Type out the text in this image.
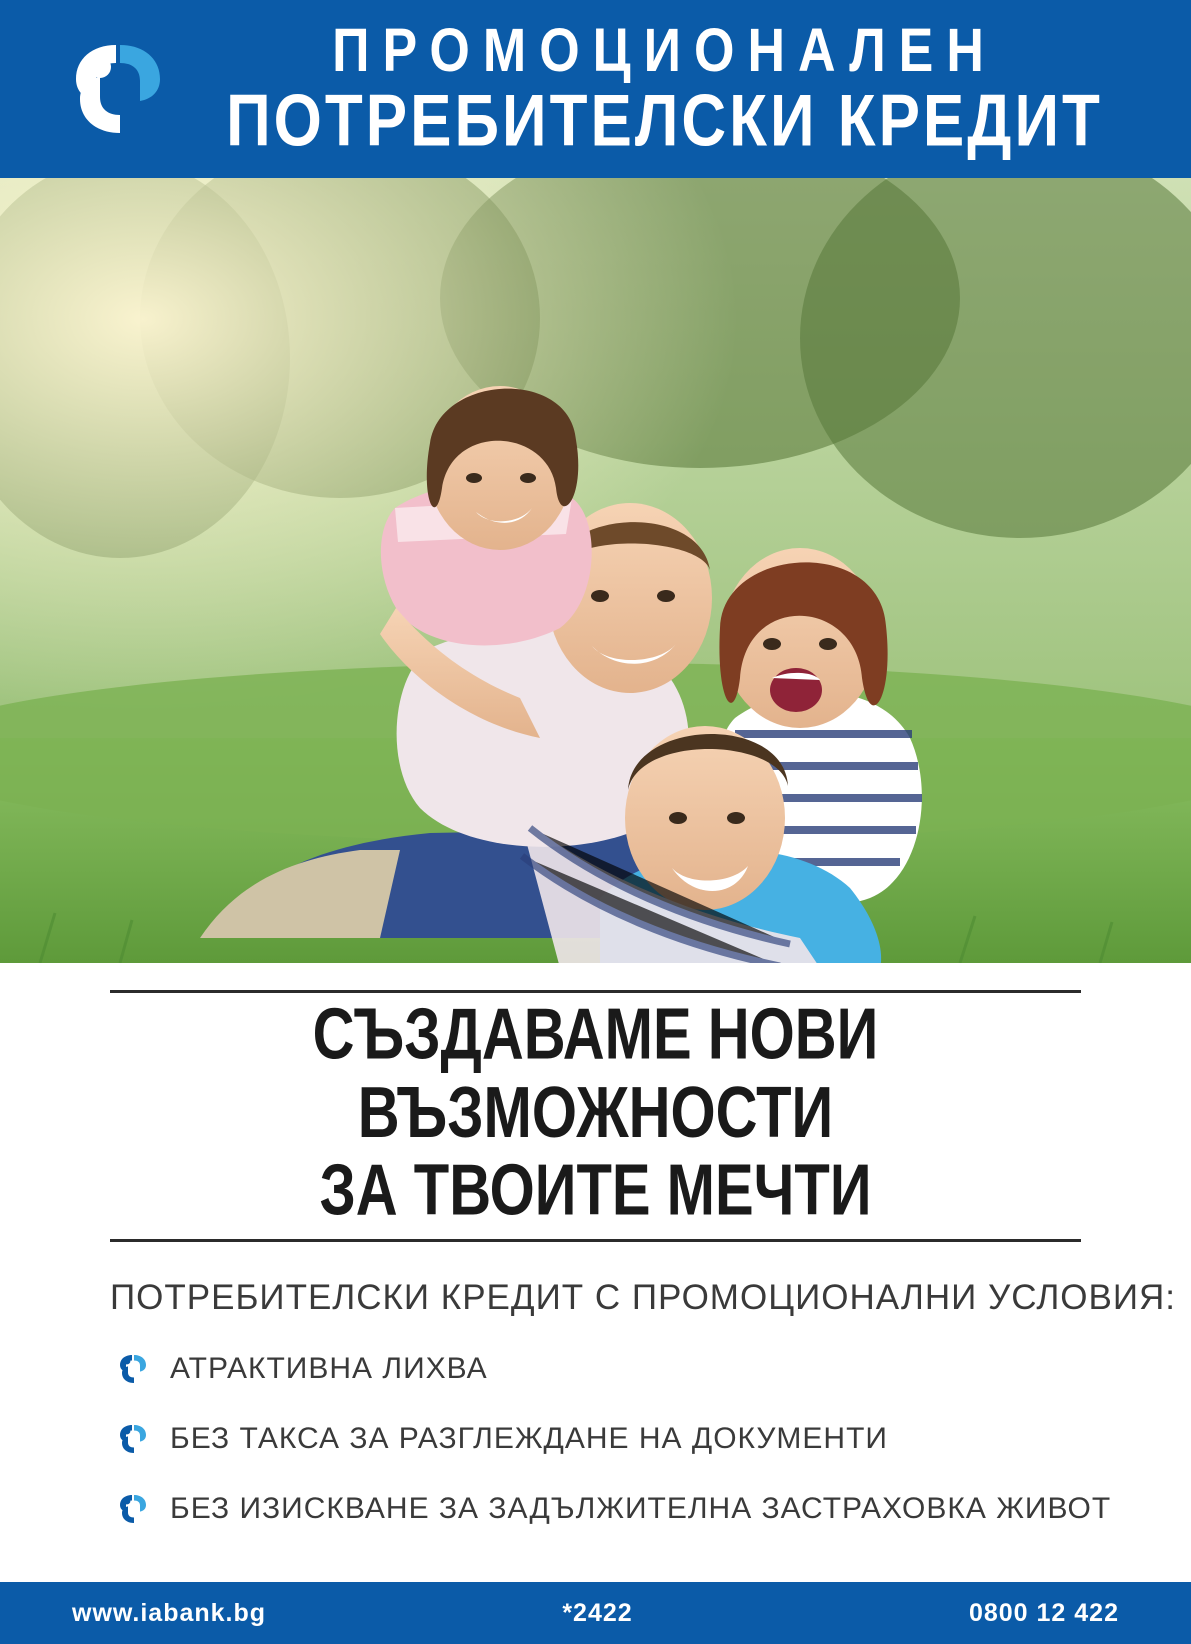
ПРОМОЦИОНАЛЕН
ПОТРЕБИТЕЛСКИ КРЕДИТ
СЪЗДАВАМЕ НОВИ ВЪЗМОЖНОСТИ
ЗА ТВОИТЕ МЕЧТИ
ПОТРЕБИТЕЛСКИ КРЕДИТ С ПРОМОЦИОНАЛНИ УСЛОВИЯ:
АТРАКТИВНА ЛИХВА
БЕЗ ТАКСА ЗА РАЗГЛЕЖДАНЕ НА ДОКУМЕНТИ
БЕЗ ИЗИСКВАНЕ ЗА ЗАДЪЛЖИТЕЛНА ЗАСТРАХОВКА ЖИВОТ
www.iabank.bg	*2422	0800 12 422
